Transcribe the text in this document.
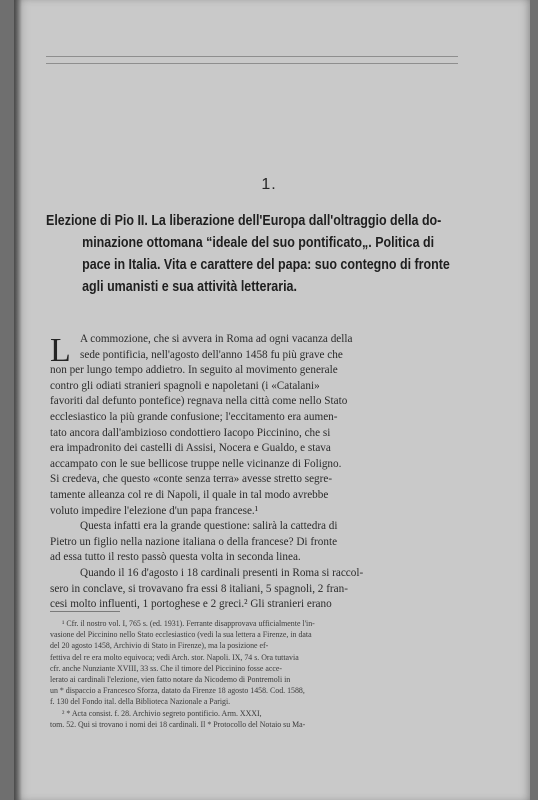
1.
Elezione di Pio II. La liberazione dell'Europa dall'oltraggio della do-
minazione ottomana “ideale del suo pontificato„. Politica di
pace in Italia. Vita e carattere del papa: suo contegno di fronte
agli umanisti e sua attività letteraria.
L A commozione, che si avvera in Roma ad ogni vacanza della
sede pontificia, nell'agosto dell'anno 1458 fu più grave che
non per lungo tempo addietro. In seguito al movimento generale
contro gli odiati stranieri spagnoli e napoletani (i «Catalani»
favoriti dal defunto pontefice) regnava nella città come nello Stato
ecclesiastico la più grande confusione; l'eccitamento era aumen-
tato ancora dall'ambizioso condottiero Iacopo Piccinino, che si
era impadronito dei castelli di Assisi, Nocera e Gualdo, e stava
accampato con le sue bellicose truppe nelle vicinanze di Foligno.
Si credeva, che questo «conte senza terra» avesse stretto segre-
tamente alleanza col re di Napoli, il quale in tal modo avrebbe
voluto impedire l'elezione d'un papa francese.¹
Questa infatti era la grande questione: salirà la cattedra di
Pietro un figlio nella nazione italiana o della francese? Di fronte
ad essa tutto il resto passò questa volta in seconda linea.
Quando il 16 d'agosto i 18 cardinali presenti in Roma si raccol-
sero in conclave, si trovavano fra essi 8 italiani, 5 spagnoli, 2 fran-
cesi molto influenti, 1 portoghese e 2 greci.² Gli stranieri erano
¹ Cfr. il nostro vol. I, 765 s. (ed. 1931). Ferrante disapprovava ufficialmente l'in-
vasione del Piccinino nello Stato ecclesiastico (vedi la sua lettera a Firenze, in data
del 20 agosto 1458, Archivio di Stato in Firenze), ma la posizione ef-
fettiva del re era molto equivoca; vedi Arch. stor. Napoli. IX, 74 s. Ora tuttavia
cfr. anche Nunziante XVIII, 33 ss. Che il timore del Piccinino fosse acce-
lerato ai cardinali l'elezione, vien fatto notare da Nicodemo di Pontremoli in
un * dispaccio a Francesco Sforza, datato da Firenze 18 agosto 1458. Cod. 1588,
f. 130 del Fondo ital. della Biblioteca Nazionale a Parigi.
² * Acta consist. f. 28. Archivio segreto pontificio. Arm. XXXI,
tom. 52. Qui si trovano i nomi dei 18 cardinali. Il * Protocollo del Notaio su Ma-
